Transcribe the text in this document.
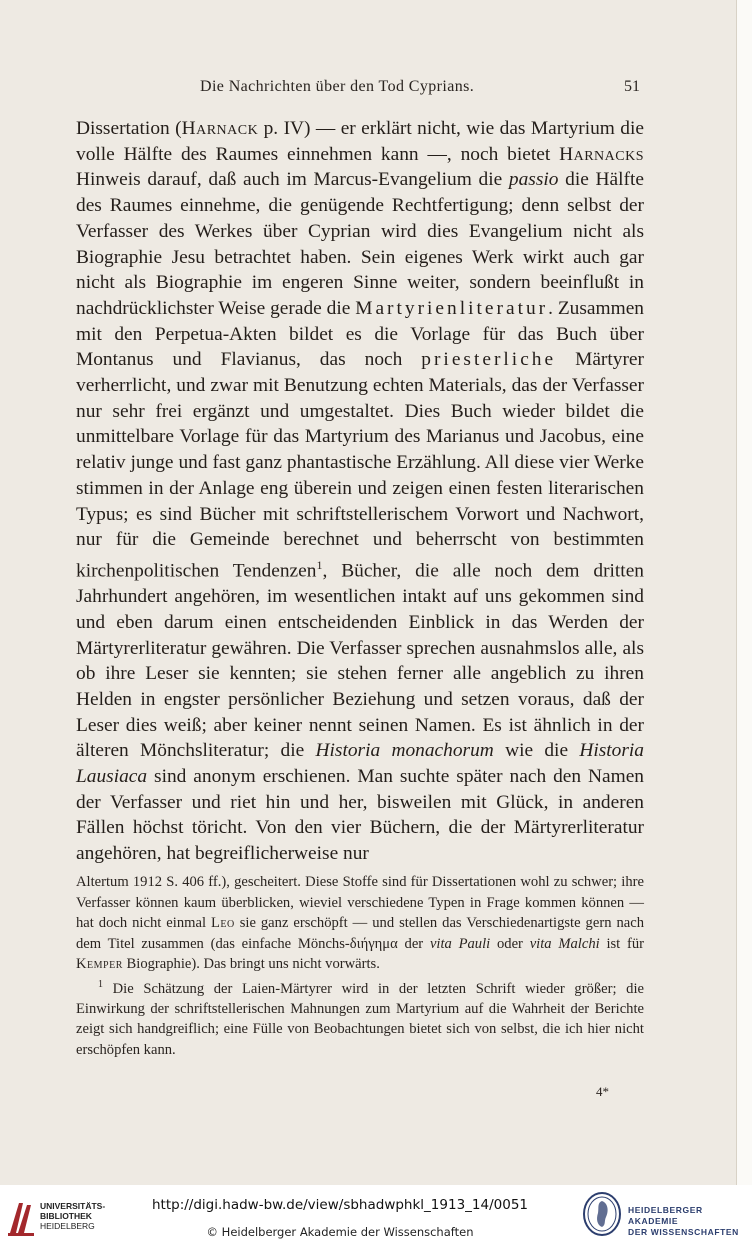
Die Nachrichten über den Tod Cyprians.	51

Dissertation (Harnack p. IV) — er erklärt nicht, wie das Martyrium die volle Hälfte des Raumes einnehmen kann —, noch bietet Harnacks Hinweis darauf, daß auch im Marcus-Evangelium die passio die Hälfte des Raumes einnehme, die genügende Rechtfertigung; denn selbst der Verfasser des Werkes über Cyprian wird dies Evangelium nicht als Biographie Jesu betrachtet haben. Sein eigenes Werk wirkt auch gar nicht als Biographie im engeren Sinne weiter, sondern beeinflußt in nachdrücklichster Weise gerade die Martyrienliteratur. Zusammen mit den Perpetua-Akten bildet es die Vorlage für das Buch über Montanus und Flavianus, das noch priesterliche Märtyrer verherrlicht, und zwar mit Benutzung echten Materials, das der Verfasser nur sehr frei ergänzt und umgestaltet. Dies Buch wieder bildet die unmittelbare Vorlage für das Martyrium des Marianus und Jacobus, eine relativ junge und fast ganz phantastische Erzählung. All diese vier Werke stimmen in der Anlage eng überein und zeigen einen festen literarischen Typus; es sind Bücher mit schriftstellerischem Vorwort und Nachwort, nur für die Gemeinde berechnet und beherrscht von bestimmten kirchenpolitischen Tendenzen$^1$, Bücher, die alle noch dem dritten Jahrhundert angehören, im wesentlichen intakt auf uns gekommen sind und eben darum einen entscheidenden Einblick in das Werden der Märtyrerliteratur gewähren. Die Verfasser sprechen ausnahmslos alle, als ob ihre Leser sie kennten; sie stehen ferner alle angeblich zu ihren Helden in engster persönlicher Beziehung und setzen voraus, daß der Leser dies weiß; aber keiner nennt seinen Namen. Es ist ähnlich in der älteren Mönchsliteratur; die Historia monachorum wie die Historia Lausiaca sind anonym erschienen. Man suchte später nach den Namen der Verfasser und riet hin und her, bisweilen mit Glück, in anderen Fällen höchst töricht. Von den vier Büchern, die der Märtyrerliteratur angehören, hat begreiflicherweise nur

Altertum 1912 S. 406 ff.), gescheitert. Diese Stoffe sind für Dissertationen wohl zu schwer; ihre Verfasser können kaum überblicken, wieviel verschiedene Typen in Frage kommen können — hat doch nicht einmal Leo sie ganz erschöpft — und stellen das Verschiedenartigste gern nach dem Titel zusammen (das einfache Mönchs-διήγημα der vita Pauli oder vita Malchi ist für Kemper Biographie). Das bringt uns nicht vorwärts.

$^1$ Die Schätzung der Laien-Märtyrer wird in der letzten Schrift wieder größer; die Einwirkung der schriftstellerischen Mahnungen zum Martyrium auf die Wahrheit der Berichte zeigt sich handgreiflich; eine Fülle von Beobachtungen bietet sich von selbst, die ich hier nicht erschöpfen kann.

4*
UNIVERSITÄTS-
BIBLIOTHEK
HEIDELBERG
http://digi.hadw-bw.de/view/sbhadwphkl_1913_14/0051
© Heidelberger Akademie der Wissenschaften
HEIDELBERGER AKADEMIE
DER WISSENSCHAFTEN
